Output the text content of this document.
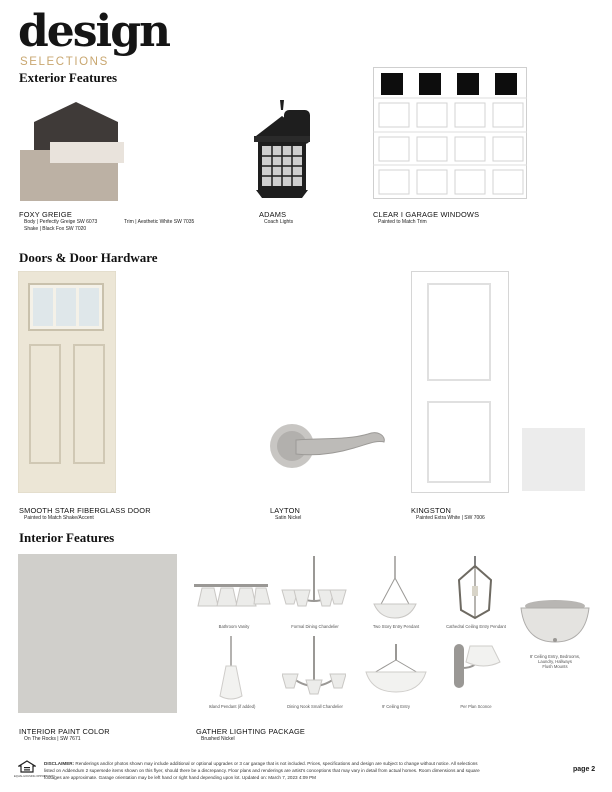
design
SELECTIONS
Exterior Features
Doors & Door Hardware
Interior Features
FOXY GREIGE
Body | Perfectly Greige SW 6073
Shake | Black Fox SW 7020
Trim | Aesthetic White SW 7035
ADAMS
Coach Lights
CLEAR I GARAGE WINDOWS
Painted to Match Trim
SMOOTH STAR FIBERGLASS DOOR
Painted to Match Shake/Accent
LAYTON
Satin Nickel
KINGSTON
Painted Extra White | SW 7006
INTERIOR PAINT COLOR
On The Rocks | SW 7671
Bathroom Vanity	Formal Dining Chandelier	Two Story Entry Pendant	Cathedral Ceiling Entry Pendant
8' Ceiling Entry, Bedrooms,
Laundry, Hallways
Flush Mounts
Island Pendant (if added)	Dining Nook Small Chandelier	9' Ceiling Entry	Per Plan Sconce
GATHER LIGHTING PACKAGE
Brushed Nickel
EQUAL HOUSING OPPORTUNITY
DISCLAIMER: Renderings and/or photos shown may include additional or optional upgrades or 3 car garage that is not included. Prices, specifications and design are subject to change without notice. All selections
listed on Addendum 2 supersede items shown on this flyer, should there be a discrepancy. Floor plans and renderings are artist's conceptions that may vary in detail from actual homes. Room dimensions and square
footages are approximate. Garage orientation may be left hand or right hand depending upon lot. Updated on: March 7, 2023 4:09 PM
page 2
